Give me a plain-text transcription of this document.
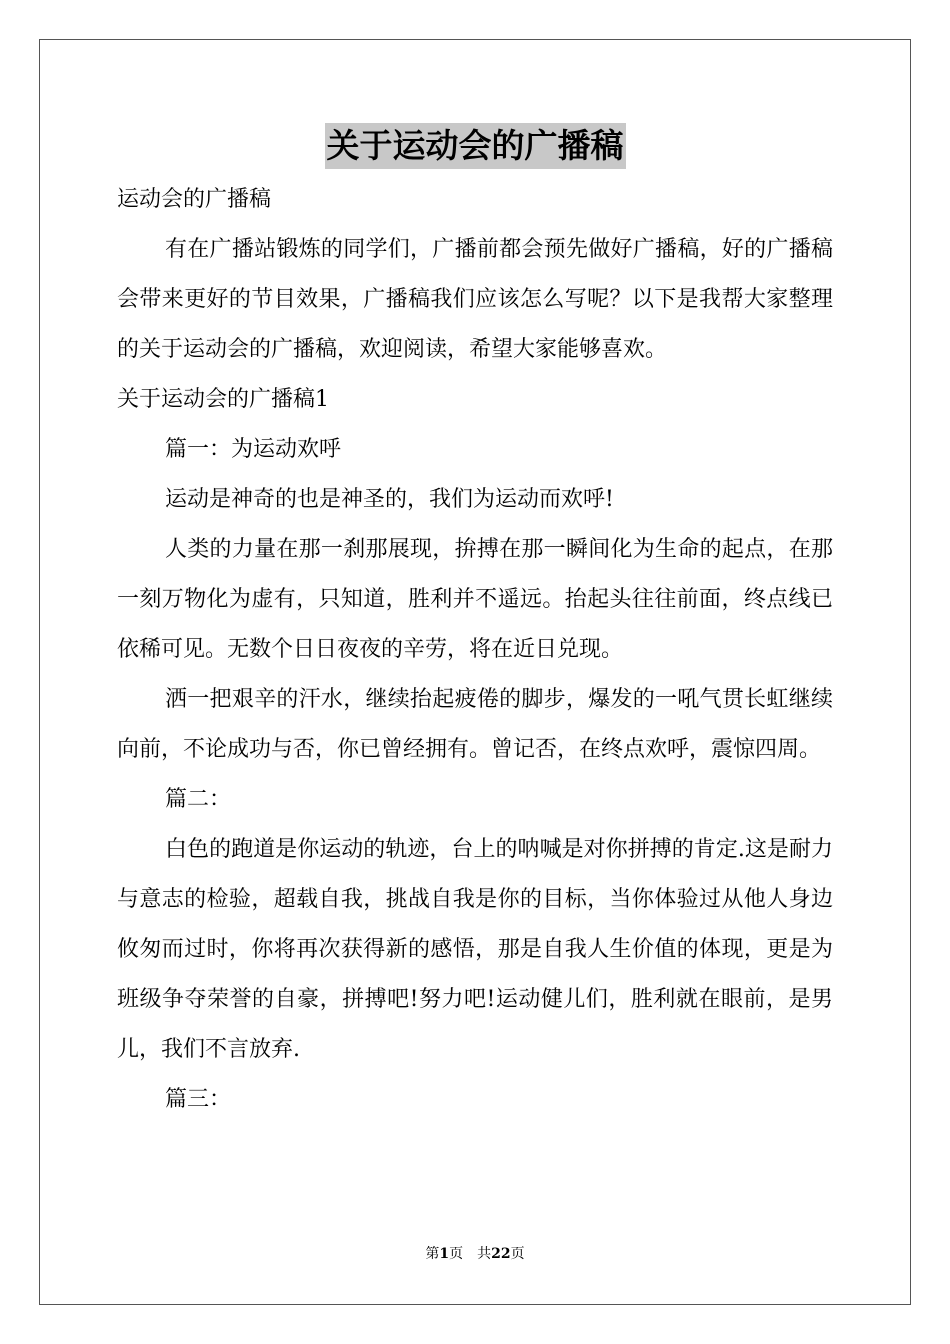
关于运动会的广播稿

运动会的广播稿

有在广播站锻炼的同学们，广播前都会预先做好广播稿，好的广播稿会带来更好的节目效果，广播稿我们应该怎么写呢？以下是我帮大家整理的关于运动会的广播稿，欢迎阅读，希望大家能够喜欢。

关于运动会的广播稿1

篇一：为运动欢呼

运动是神奇的也是神圣的，我们为运动而欢呼!

人类的力量在那一刹那展现，拚搏在那一瞬间化为生命的起点，在那一刻万物化为虚有，只知道，胜利并不遥远。抬起头往往前面，终点线已依稀可见。无数个日日夜夜的辛劳，将在近日兑现。

洒一把艰辛的汗水，继续抬起疲倦的脚步，爆发的一吼气贯长虹继续向前，不论成功与否，你已曾经拥有。曾记否，在终点欢呼，震惊四周。

篇二：

白色的跑道是你运动的轨迹，台上的呐喊是对你拼搏的肯定.这是耐力与意志的检验，超载自我，挑战自我是你的目标，当你体验过从他人身边攸匆而过时，你将再次获得新的感悟，那是自我人生价值的体现，更是为班级争夺荣誉的自豪，拼搏吧!努力吧!运动健儿们，胜利就在眼前，是男儿，我们不言放弃.

篇三：

第1页　共22页
